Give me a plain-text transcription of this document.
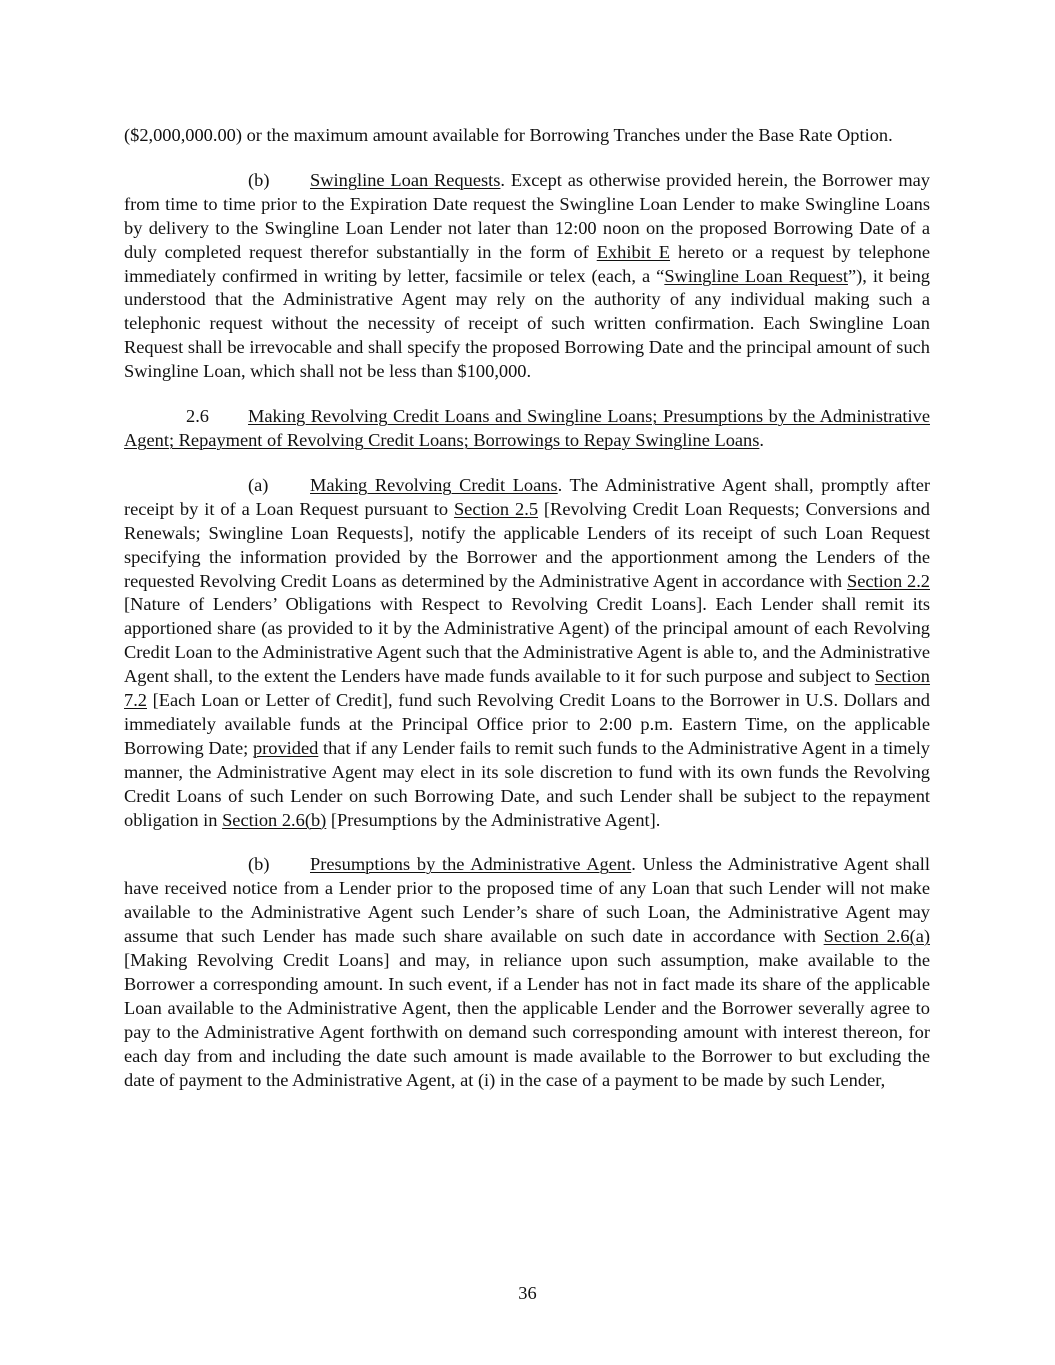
($2,000,000.00) or the maximum amount available for Borrowing Tranches under the Base Rate Option.

(b) Swingline Loan Requests. Except as otherwise provided herein, the Borrower may from time to time prior to the Expiration Date request the Swingline Loan Lender to make Swingline Loans by delivery to the Swingline Loan Lender not later than 12:00 noon on the proposed Borrowing Date of a duly completed request therefor substantially in the form of Exhibit E hereto or a request by telephone immediately confirmed in writing by letter, facsimile or telex (each, a “Swingline Loan Request”), it being understood that the Administrative Agent may rely on the authority of any individual making such a telephonic request without the necessity of receipt of such written confirmation. Each Swingline Loan Request shall be irrevocable and shall specify the proposed Borrowing Date and the principal amount of such Swingline Loan, which shall not be less than $100,000.

2.6 Making Revolving Credit Loans and Swingline Loans; Presumptions by the Administrative Agent; Repayment of Revolving Credit Loans; Borrowings to Repay Swingline Loans.

(a) Making Revolving Credit Loans. The Administrative Agent shall, promptly after receipt by it of a Loan Request pursuant to Section 2.5 [Revolving Credit Loan Requests; Conversions and Renewals; Swingline Loan Requests], notify the applicable Lenders of its receipt of such Loan Request specifying the information provided by the Borrower and the apportionment among the Lenders of the requested Revolving Credit Loans as determined by the Administrative Agent in accordance with Section 2.2 [Nature of Lenders’ Obligations with Respect to Revolving Credit Loans]. Each Lender shall remit its apportioned share (as provided to it by the Administrative Agent) of the principal amount of each Revolving Credit Loan to the Administrative Agent such that the Administrative Agent is able to, and the Administrative Agent shall, to the extent the Lenders have made funds available to it for such purpose and subject to Section 7.2 [Each Loan or Letter of Credit], fund such Revolving Credit Loans to the Borrower in U.S. Dollars and immediately available funds at the Principal Office prior to 2:00 p.m. Eastern Time, on the applicable Borrowing Date; provided that if any Lender fails to remit such funds to the Administrative Agent in a timely manner, the Administrative Agent may elect in its sole discretion to fund with its own funds the Revolving Credit Loans of such Lender on such Borrowing Date, and such Lender shall be subject to the repayment obligation in Section 2.6(b) [Presumptions by the Administrative Agent].

(b) Presumptions by the Administrative Agent. Unless the Administrative Agent shall have received notice from a Lender prior to the proposed time of any Loan that such Lender will not make available to the Administrative Agent such Lender’s share of such Loan, the Administrative Agent may assume that such Lender has made such share available on such date in accordance with Section 2.6(a) [Making Revolving Credit Loans] and may, in reliance upon such assumption, make available to the Borrower a corresponding amount. In such event, if a Lender has not in fact made its share of the applicable Loan available to the Administrative Agent, then the applicable Lender and the Borrower severally agree to pay to the Administrative Agent forthwith on demand such corresponding amount with interest thereon, for each day from and including the date such amount is made available to the Borrower to but excluding the date of payment to the Administrative Agent, at (i) in the case of a payment to be made by such Lender,

36
